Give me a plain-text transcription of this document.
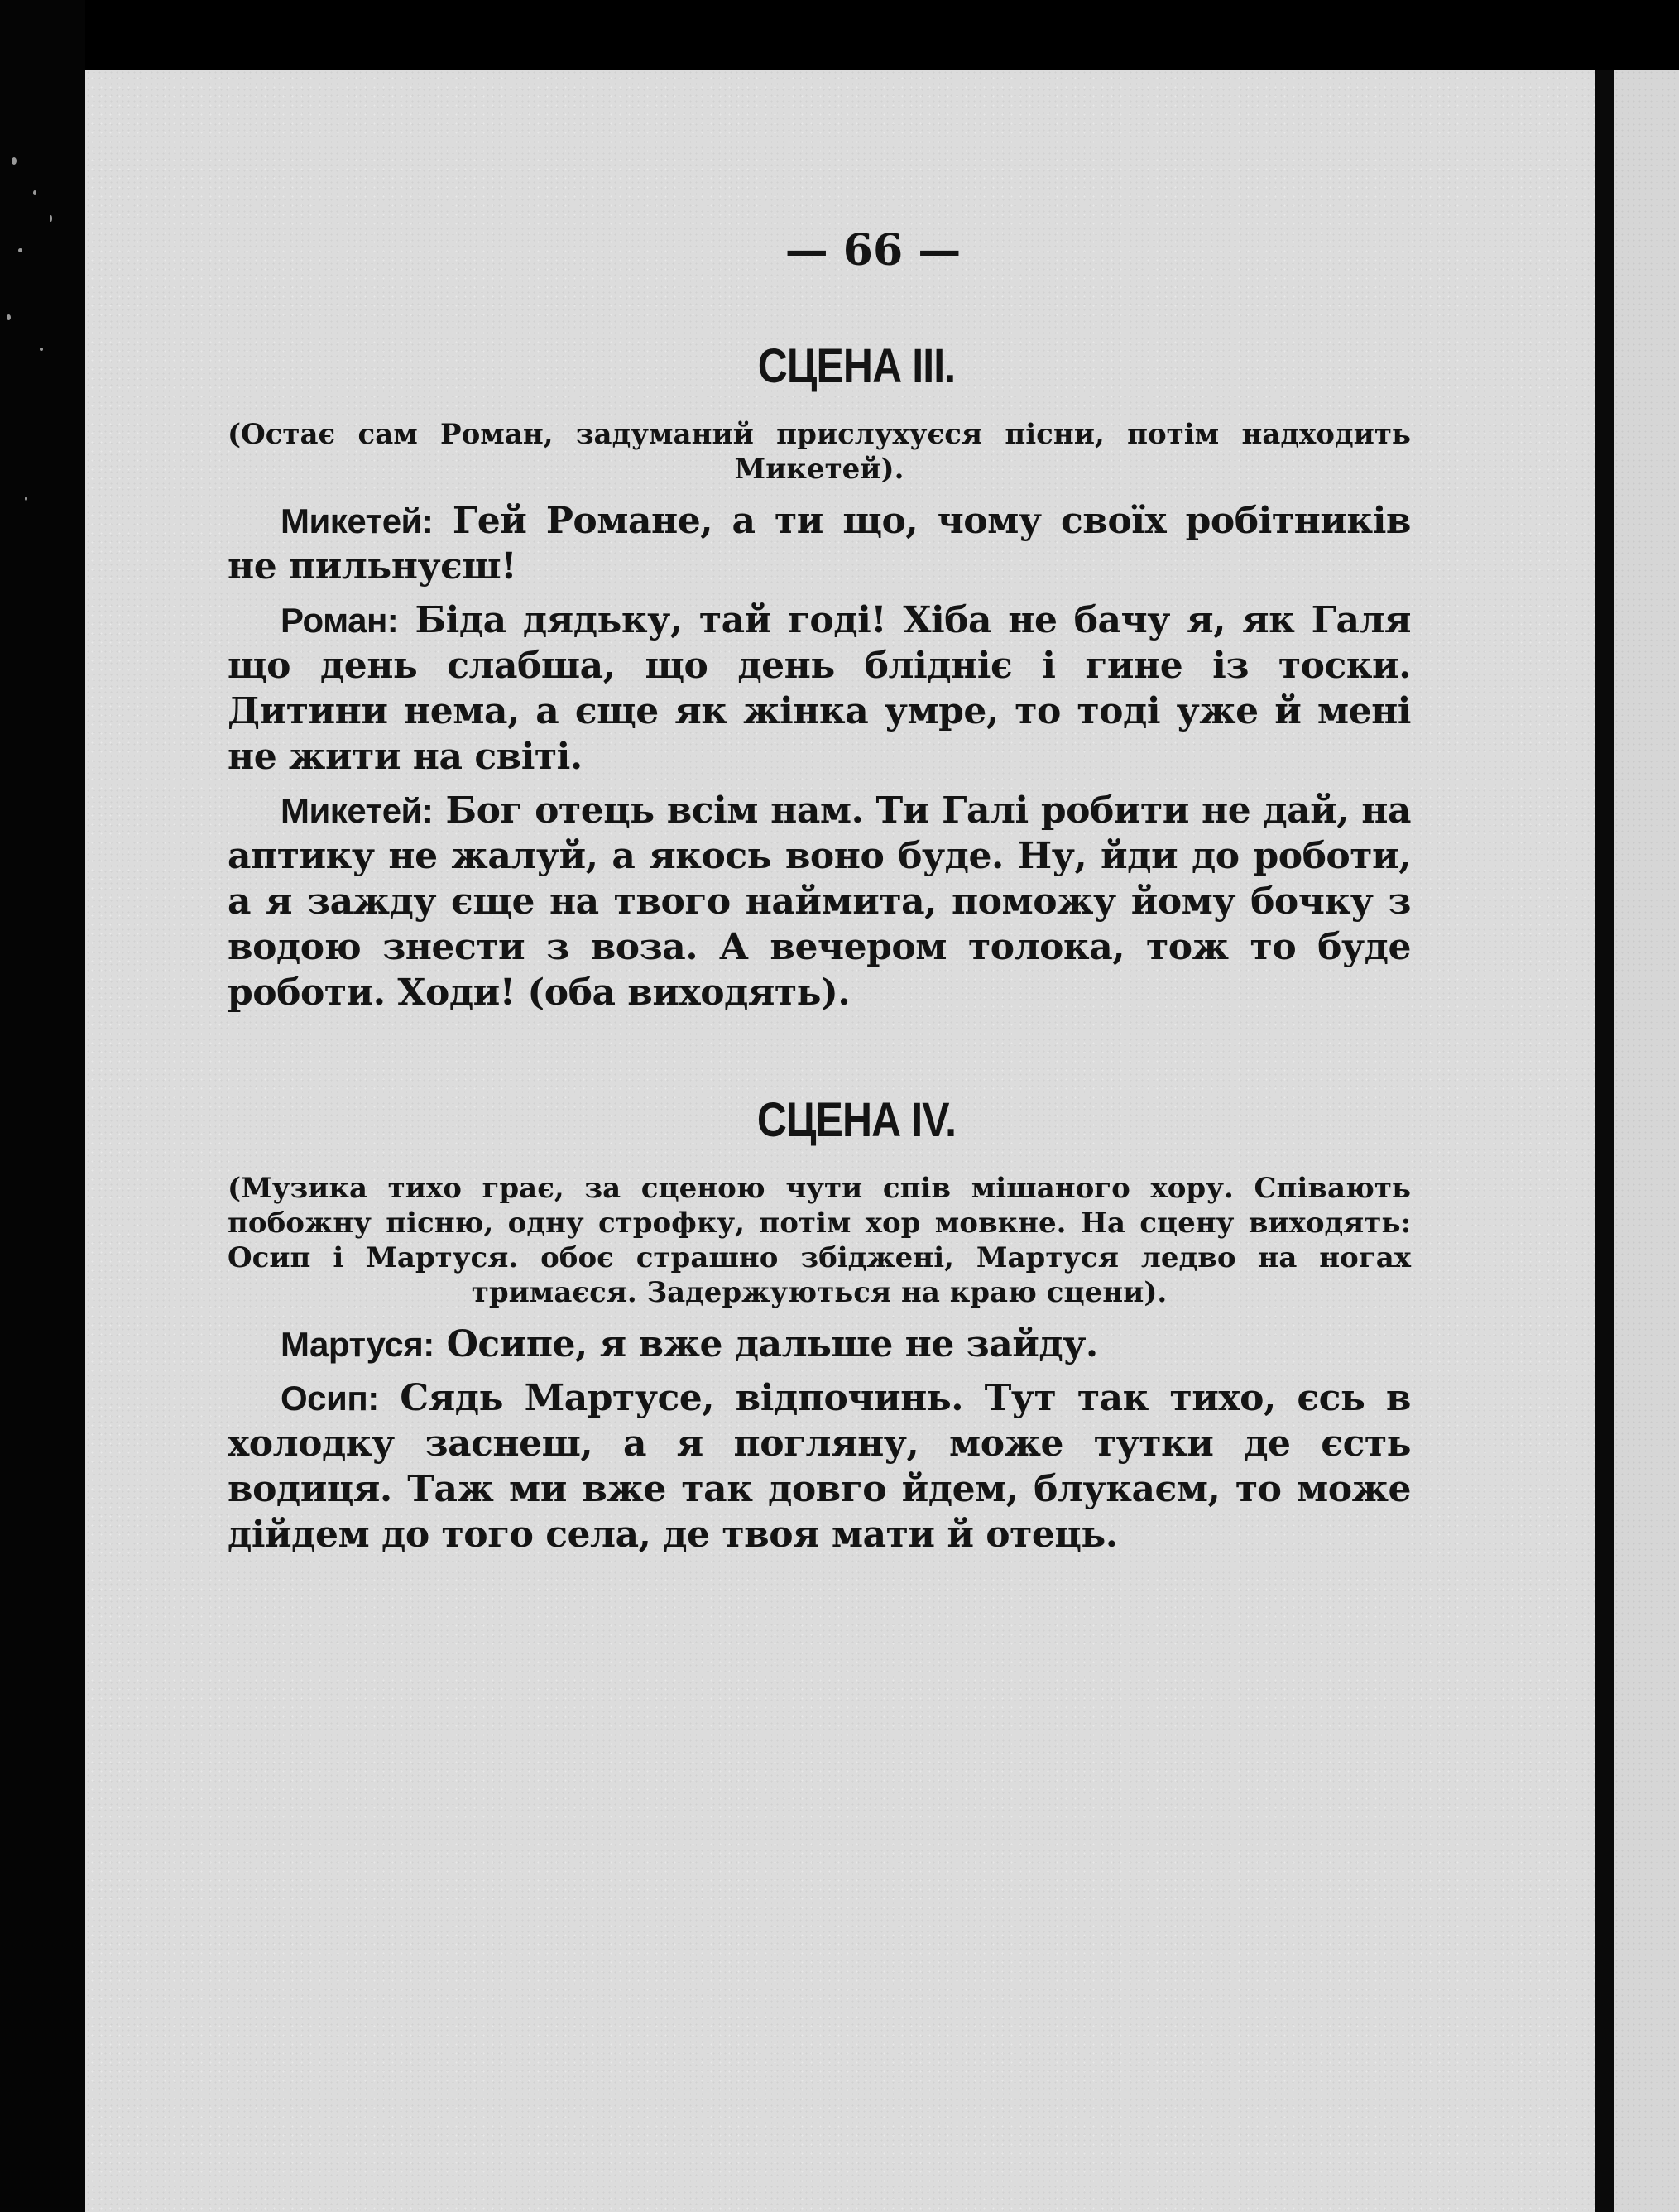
— 66 —
СЦЕНА III.
(Остає сам Роман, задуманий прислухуєся пісни, потім надходить Микетей).

Микетей: Гей Романе, а ти що, чому своїх робітників не пильнуєш!

Роман: Біда дядьку, тай годі! Хіба не бачу я, як Галя що день слабша, що день блідніє і гине із тоски. Дитини нема, а єще як жінка умре, то тоді уже й мені не жити на світі.

Микетей: Бог отець всім нам. Ти Галі робити не дай, на аптику не жалуй, а якось воно буде. Ну, йди до роботи, а я зажду єще на твого наймита, поможу йому бочку з водою знести з воза. А вечером толока, тож то буде роботи. Ходи! (оба виходять).

СЦЕНА IV.
(Музика тихо грає, за сценою чути спів мішаного хору. Співають побожну пісню, одну строфку, потім хор мовкне. На сцену виходять: Осип і Мартуся. обоє страшно збіджені, Мартуся ледво на ногах тримаєся. Задержуються на краю сцени).

Мартуся: Осипе, я вже дальше не зайду.

Осип: Сядь Мартусе, відпочинь. Тут так тихо, єсь в холодку заснеш, а я погляну, може тутки де єсть водиця. Таж ми вже так довго йдем, блукаєм, то може дійдем до того села, де твоя мати й отець.
